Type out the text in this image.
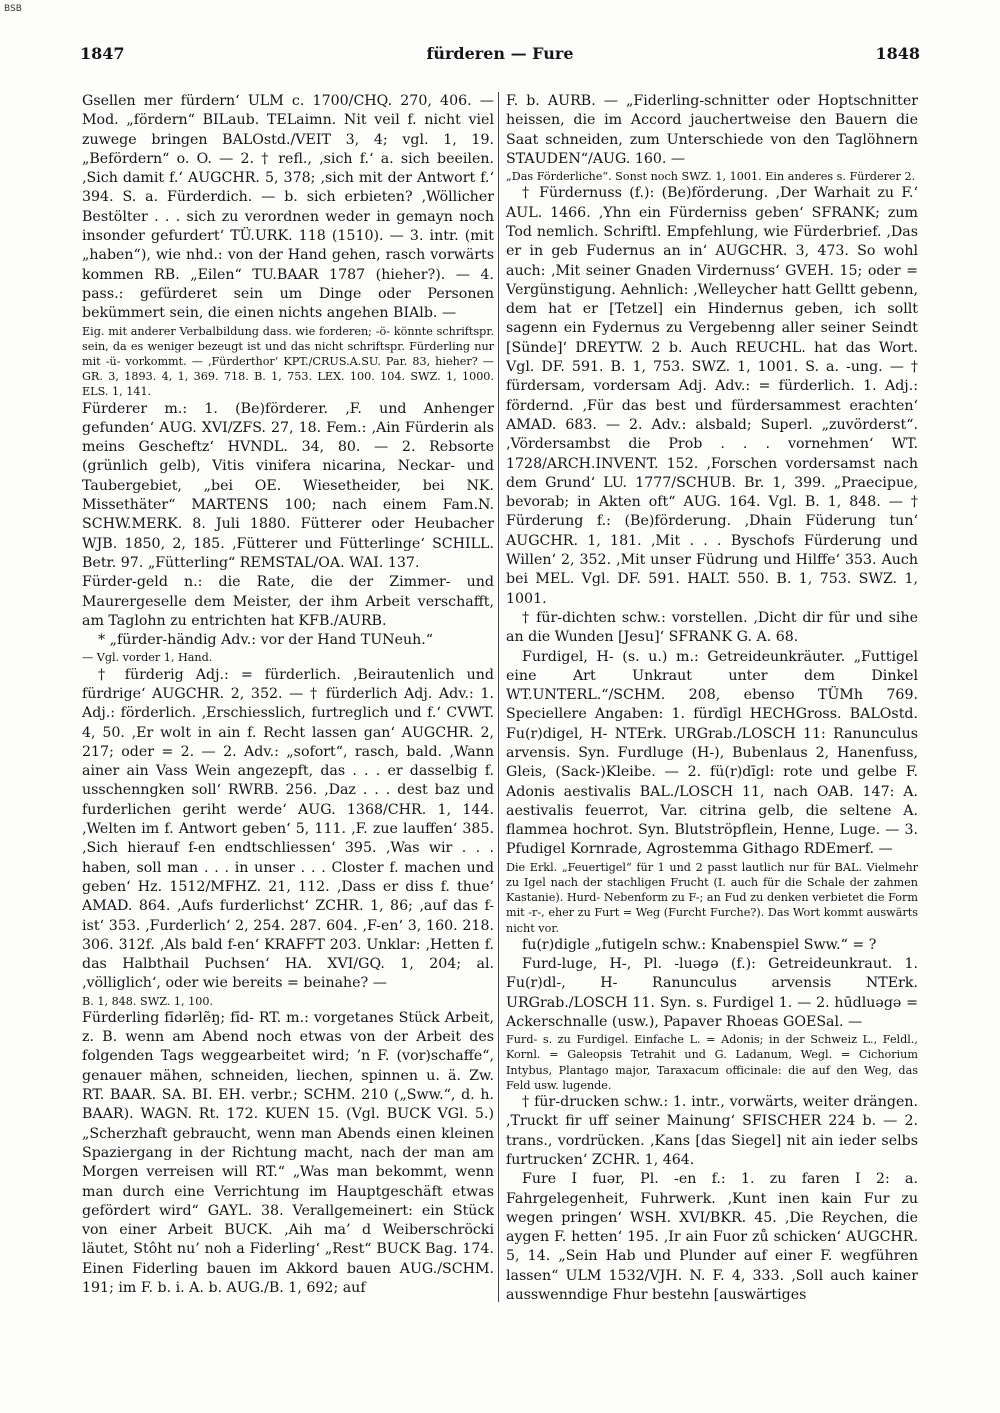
BSB
1847	fürderen — Fure	1848

Gsellen mer fürdern‘ ULM c. 1700/CHQ. 270, 406. — Mod. „fördern“ BILaub. TELaimn. Nit veil f. nicht viel zuwege bringen BALOstd./VEIT 3, 4; vgl. 1, 19. „Befördern“ o. O. — 2. † refl., ‚sich f.‘ a. sich beeilen. ‚Sich damit f.‘ AUGCHR. 5, 378; ‚sich mit der Antwort f.‘ 394. S. a. Fürderdich. — b. sich erbieten? ‚Wöllicher Bestölter . . . sich zu verordnen weder in gemayn noch insonder gefurdert‘ TÜ.URK. 118 (1510). — 3. intr. (mit „haben“), wie nhd.: von der Hand gehen, rasch vorwärts kommen RB. „Eilen“ TU.BAAR 1787 (hieher?). — 4. pass.: gefürderet sein um Dinge oder Personen bekümmert sein, die einen nichts angehen BIAlb. —

Eig. mit anderer Verbalbildung dass. wie forderen; -ö- könnte schriftspr. sein, da es weniger bezeugt ist und das nicht schriftspr. Fürderling nur mit -ü- vorkommt. — ‚Fürderthor‘ KPT./CRUS.A.SU. Par. 83, hieher? — GR. 3, 1893. 4, 1, 369. 718. B. 1, 753. LEX. 100. 104. SWZ. 1, 1000. ELS. 1, 141.

Fürderer m.: 1. (Be)förderer. ‚F. und Anhenger gefunden‘ AUG. XVI/ZFS. 27, 18. Fem.: ‚Ain Fürderin als meins Gescheftz‘ HVNDL. 34, 80. — 2. Rebsorte (grünlich gelb), Vitis vinifera nicarina, Neckar- und Taubergebiet, „bei OE. Wiesetheider, bei NK. Missethäter“ MARTENS 100; nach einem Fam.N. SCHW.MERK. 8. Juli 1880. Fütterer oder Heubacher WJB. 1850, 2, 185. ‚Fütterer und Fütterlinge‘ SCHILL. Betr. 97. „Fütterling“ REMSTAL/OA. WAI. 137.

Fürder-geld n.: die Rate, die der Zimmer- und Maurergeselle dem Meister, der ihm Arbeit verschafft, am Taglohn zu entrichten hat KFB./AURB.

* „fürder-händig Adv.: vor der Hand TUNeuh.“

— Vgl. vorder 1, Hand.

† fürderig Adj.: = fürderlich. ‚Beirautenlich und fürdrige‘ AUGCHR. 2, 352. — † fürderlich Adj. Adv.: 1. Adj.: förderlich. ‚Erschiesslich, furtreglich und f.‘ CVWT. 4, 50. ‚Er wolt in ain f. Recht lassen gan‘ AUGCHR. 2, 217; oder = 2. — 2. Adv.: „sofort“, rasch, bald. ‚Wann ainer ain Vass Wein angezepft, das . . . er dasselbig f. usschenngken soll‘ RWRB. 256. ‚Daz . . . dest baz und furderlichen geriht werde‘ AUG. 1368/CHR. 1, 144. ‚Welten im f. Antwort geben‘ 5, 111. ‚F. zue lauffen‘ 385. ‚Sich hierauf f-en endtschliessen‘ 395. ‚Was wir . . . haben, soll man . . . in unser . . . Closter f. machen und geben‘ Hz. 1512/MFHZ. 21, 112. ‚Dass er diss f. thue‘ AMAD. 864. ‚Aufs furderlichst‘ ZCHR. 1, 86; ‚auf das f-ist‘ 353. ‚Furderlich‘ 2, 254. 287. 604. ‚F-en‘ 3, 160. 218. 306. 312f. ‚Als bald f-en‘ KRAFFT 203. Unklar: ‚Hetten f. das Halbthail Puchsen‘ HA. XVI/GQ. 1, 204; al. ‚völliglich‘, oder wie bereits = beinahe? —

B. 1, 848. SWZ. 1, 100.

Fürderling fīdərlẽŋ; fīd- RT. m.: vorgetanes Stück Arbeit, z. B. wenn am Abend noch etwas von der Arbeit des folgenden Tags weggearbeitet wird; ’n F. (vor)schaffe“, genauer mähen, schneiden, liechen, spinnen u. ä. Zw. RT. BAAR. SA. BI. EH. verbr.; SCHM. 210 („Sww.“, d. h. BAAR). WAGN. Rt. 172. KUEN 15. (Vgl. BUCK VGl. 5.) „Scherzhaft gebraucht, wenn man Abends einen kleinen Spaziergang in der Richtung macht, nach der man am Morgen verreisen will RT.“ „Was man bekommt, wenn man durch eine Verrichtung im Hauptgeschäft etwas gefördert wird“ GAYL. 38. Verallgemeinert: ein Stück von einer Arbeit BUCK. ‚Aih ma’ d Weiberschröcki läutet, Stôht nu’ noh a Fiderling‘ „Rest“ BUCK Bag. 174. Einen Fiderling bauen im Akkord bauen AUG./SCHM. 191; im F. b. i. A. b. AUG./B. 1, 692; auf

F. b. AURB. — „Fiderling-schnitter oder Hoptschnitter heissen, die im Accord jauchertweise den Bauern die Saat schneiden, zum Unterschiede von den Taglöhnern STAUDEN“/AUG. 160. —

„Das Förderliche“. Sonst noch SWZ. 1, 1001. Ein anderes s. Fürderer 2.

† Fürdernuss (f.): (Be)förderung. ‚Der Warhait zu F.‘ AUL. 1466. ‚Yhn ein Fürderniss geben‘ SFRANK; zum Tod nemlich. Schriftl. Empfehlung, wie Fürderbrief. ‚Das er in geb Fudernus an in‘ AUGCHR. 3, 473. So wohl auch: ‚Mit seiner Gnaden Virdernuss‘ GVEH. 15; oder = Vergünstigung. Aehnlich: ‚Welleycher hatt Gelltt gebenn, dem hat er [Tetzel] ein Hindernus geben, ich sollt sagenn ein Fydernus zu Vergebenng aller seiner Seindt [Sünde]‘ DREYTW. 2 b. Auch REUCHL. hat das Wort. Vgl. DF. 591. B. 1, 753. SWZ. 1, 1001. S. a. -ung. — † fürdersam, vordersam Adj. Adv.: = fürderlich. 1. Adj.: fördernd. ‚Für das best und fürdersammest erachten‘ AMAD. 683. — 2. Adv.: alsbald; Superl. „zuvörderst“. ‚Vördersambst die Prob . . . vornehmen‘ WT. 1728/ARCH.INVENT. 152. ‚Forschen vordersamst nach dem Grund‘ LU. 1777/SCHUB. Br. 1, 399. „Praecipue, bevorab; in Akten oft“ AUG. 164. Vgl. B. 1, 848. — † Fürderung f.: (Be)förderung. ‚Dhain Füderung tun‘ AUGCHR. 1, 181. ‚Mit . . . Byschofs Fürderung und Willen‘ 2, 352. ‚Mit unser Füdrung und Hilffe‘ 353. Auch bei MEL. Vgl. DF. 591. HALT. 550. B. 1, 753. SWZ. 1, 1001.

† für-dichten schw.: vorstellen. ‚Dicht dir für und sihe an die Wunden [Jesu]‘ SFRANK G. A. 68.

Furdigel, H- (s. u.) m.: Getreideunkräuter. „Futtigel eine Art Unkraut unter dem Dinkel WT.UNTERL.“/SCHM. 208, ebenso TÜMh 769. Speciellere Angaben: 1. fürdīgl HECHGross. BALOstd. Fu(r)digel, H- NTErk. URGrab./LOSCH 11: Ranunculus arvensis. Syn. Furdluge (H-), Bubenlaus 2, Hanenfuss, Gleis, (Sack-)Kleibe. — 2. fü(r)dīgl: rote und gelbe F. Adonis aestivalis BAL./LOSCH 11, nach OAB. 147: A. aestivalis feuerrot, Var. citrina gelb, die seltene A. flammea hochrot. Syn. Blutströpflein, Henne, Luge. — 3. Pfudigel Kornrade, Agrostemma Githago RDEmerf. —

Die Erkl. „Feuertigel“ für 1 und 2 passt lautlich nur für BAL. Vielmehr zu Igel nach der stachligen Frucht (I. auch für die Schale der zahmen Kastanie). Hurd- Nebenform zu F-; an Fud zu denken verbietet die Form mit -r-, eher zu Furt = Weg (Furcht Furche?). Das Wort kommt auswärts nicht vor.

fu(r)digle „futigeln schw.: Knabenspiel Sww.“ = ?

Furd-luge, H-, Pl. -luəgə (f.): Getreideunkraut. 1. Fu(r)dl-, H- Ranunculus arvensis NTErk. URGrab./LOSCH 11. Syn. s. Furdigel 1. — 2. hūdluəgə = Ackerschnalle (usw.), Papaver Rhoeas GOESal. —

Furd- s. zu Furdigel. Einfache L. = Adonis; in der Schweiz L., Feldl., Kornl. = Galeopsis Tetrahit und G. Ladanum, Wegl. = Cichorium Intybus, Plantago major, Taraxacum officinale: die auf den Weg, das Feld usw. lugende.

† für-drucken schw.: 1. intr., vorwärts, weiter drängen. ‚Truckt fir uff seiner Mainung‘ SFISCHER 224 b. — 2. trans., vordrücken. ‚Kans [das Siegel] nit ain ieder selbs furtrucken‘ ZCHR. 1, 464.

Fure I fuər, Pl. -en f.: 1. zu faren I 2: a. Fahrgelegenheit, Fuhrwerk. ‚Kunt inen kain Fur zu wegen pringen‘ WSH. XVI/BKR. 45. ‚Die Reychen, die aygen F. hetten‘ 195. ‚Ir ain Fuor zů schicken‘ AUGCHR. 5, 14. „Sein Hab und Plunder auf einer F. wegführen lassen“ ULM 1532/VJH. N. F. 4, 333. ‚Soll auch kainer ausswenndige Fhur bestehn [auswärtiges
